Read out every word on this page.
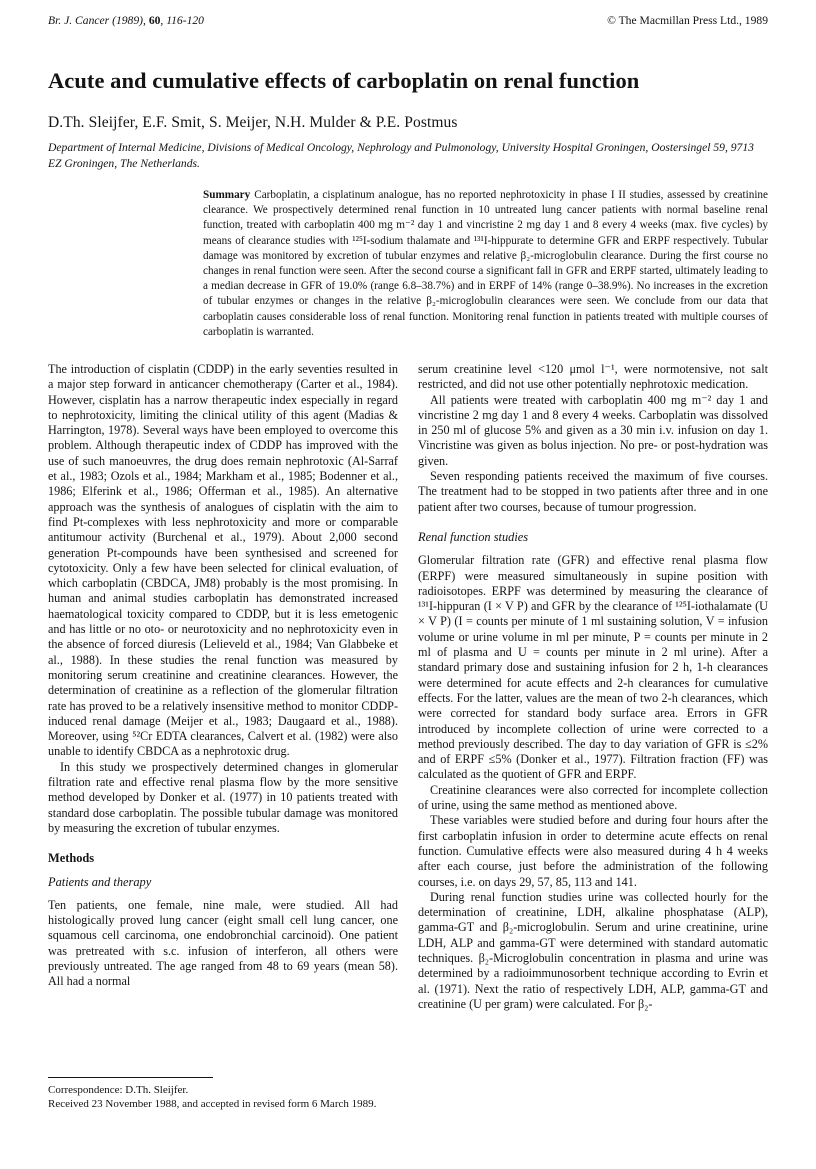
Br. J. Cancer (1989), 60, 116-120	© The Macmillan Press Ltd., 1989
Acute and cumulative effects of carboplatin on renal function

D.Th. Sleijfer, E.F. Smit, S. Meijer, N.H. Mulder & P.E. Postmus

Department of Internal Medicine, Divisions of Medical Oncology, Nephrology and Pulmonology, University Hospital Groningen, Oostersingel 59, 9713 EZ Groningen, The Netherlands.

Summary Carboplatin, a cisplatinum analogue, has no reported nephrotoxicity in phase I II studies, assessed by creatinine clearance. We prospectively determined renal function in 10 untreated lung cancer patients with normal baseline renal function, treated with carboplatin 400 mg m⁻² day 1 and vincristine 2 mg day 1 and 8 every 4 weeks (max. five cycles) by means of clearance studies with ¹²⁵I-sodium thalamate and ¹³¹I-hippurate to determine GFR and ERPF respectively. Tubular damage was monitored by excretion of tubular enzymes and relative β₂-microglobulin clearance. During the first course no changes in renal function were seen. After the second course a significant fall in GFR and ERPF started, ultimately leading to a median decrease in GFR of 19.0% (range 6.8–38.7%) and in ERPF of 14% (range 0–38.9%). No increases in the excretion of tubular enzymes or changes in the relative β₂-microglobulin clearances were seen. We conclude from our data that carboplatin causes considerable loss of renal function. Monitoring renal function in patients treated with multiple courses of carboplatin is warranted.

The introduction of cisplatin (CDDP) in the early seventies resulted in a major step forward in anticancer chemotherapy (Carter et al., 1984). However, cisplatin has a narrow therapeutic index especially in regard to nephrotoxicity, limiting the clinical utility of this agent (Madias & Harrington, 1978). Several ways have been employed to overcome this problem. Although therapeutic index of CDDP has improved with the use of such manoeuvres, the drug does remain nephrotoxic (Al-Sarraf et al., 1983; Ozols et al., 1984; Markham et al., 1985; Bodenner et al., 1986; Elferink et al., 1986; Offerman et al., 1985). An alternative approach was the synthesis of analogues of cisplatin with the aim to find Pt-complexes with less nephrotoxicity and more or comparable antitumour activity (Burchenal et al., 1979). About 2,000 second generation Pt-compounds have been synthesised and screened for cytotoxicity. Only a few have been selected for clinical evaluation, of which carboplatin (CBDCA, JM8) probably is the most promising. In human and animal studies carboplatin has demonstrated increased haematological toxicity compared to CDDP, but it is less emetogenic and has little or no oto- or neurotoxicity and no nephrotoxicity even in the absence of forced diuresis (Lelieveld et al., 1984; Van Glabbeke et al., 1988). In these studies the renal function was measured by monitoring serum creatinine and creatinine clearances. However, the determination of creatinine as a reflection of the glomerular filtration rate has proved to be a relatively insensitive method to monitor CDDP-induced renal damage (Meijer et al., 1983; Daugaard et al., 1988). Moreover, using ⁵²Cr EDTA clearances, Calvert et al. (1982) were also unable to identify CBDCA as a nephrotoxic drug.

In this study we prospectively determined changes in glomerular filtration rate and effective renal plasma flow by the more sensitive method developed by Donker et al. (1977) in 10 patients treated with standard dose carboplatin. The possible tubular damage was monitored by measuring the excretion of tubular enzymes.

Methods
Patients and therapy

Ten patients, one female, nine male, were studied. All had histologically proved lung cancer (eight small cell lung cancer, one squamous cell carcinoma, one endobronchial carcinoid). One patient was pretreated with s.c. infusion of interferon, all others were previously untreated. The age ranged from 48 to 69 years (mean 58). All had a normal

serum creatinine level <120 μmol l⁻¹, were normotensive, not salt restricted, and did not use other potentially nephrotoxic medication.

All patients were treated with carboplatin 400 mg m⁻² day 1 and vincristine 2 mg day 1 and 8 every 4 weeks. Carboplatin was dissolved in 250 ml of glucose 5% and given as a 30 min i.v. infusion on day 1. Vincristine was given as bolus injection. No pre- or post-hydration was given.

Seven responding patients received the maximum of five courses. The treatment had to be stopped in two patients after three and in one patient after two courses, because of tumour progression.

Renal function studies

Glomerular filtration rate (GFR) and effective renal plasma flow (ERPF) were measured simultaneously in supine position with radioisotopes. ERPF was determined by measuring the clearance of ¹³¹I-hippuran (I × V P) and GFR by the clearance of ¹²⁵I-iothalamate (U × V P) (I = counts per minute of 1 ml sustaining solution, V = infusion volume or urine volume in ml per minute, P = counts per minute in 2 ml of plasma and U = counts per minute in 2 ml urine). After a standard primary dose and sustaining infusion for 2 h, 1-h clearances were determined for acute effects and 2-h clearances for cumulative effects. For the latter, values are the mean of two 2-h clearances, which were corrected for standard body surface area. Errors in GFR introduced by incomplete collection of urine were corrected to a method previously described. The day to day variation of GFR is ≤2% and of ERPF ≤5% (Donker et al., 1977). Filtration fraction (FF) was calculated as the quotient of GFR and ERPF.

Creatinine clearances were also corrected for incomplete collection of urine, using the same method as mentioned above.

These variables were studied before and during four hours after the first carboplatin infusion in order to determine acute effects on renal function. Cumulative effects were also measured during 4 h 4 weeks after each course, just before the administration of the following courses, i.e. on days 29, 57, 85, 113 and 141.

During renal function studies urine was collected hourly for the determination of creatinine, LDH, alkaline phosphatase (ALP), gamma-GT and β₂-microglobulin. Serum and urine creatinine, urine LDH, ALP and gamma-GT were determined with standard automatic techniques. β₂-Microglobulin concentration in plasma and urine was determined by a radioimmunosorbent technique according to Evrin et al. (1971). Next the ratio of respectively LDH, ALP, gamma-GT and creatinine (U per gram) were calculated. For β₂-

Correspondence: D.Th. Sleijfer.

Received 23 November 1988, and accepted in revised form 6 March 1989.
